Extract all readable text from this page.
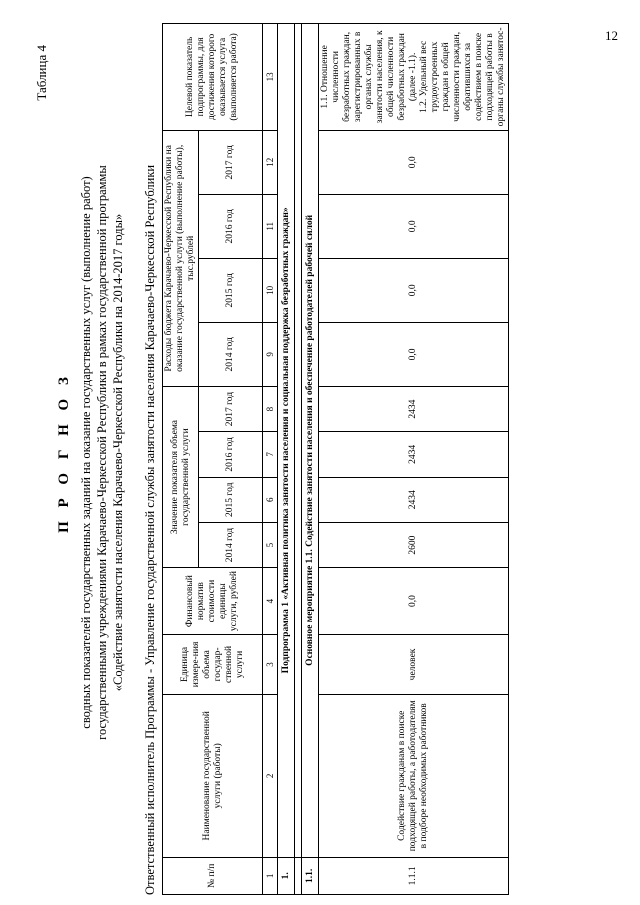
12
Таблица 4
П Р О Г Н О З сводных показателей государственных заданий на оказание государственных услуг (выполнение работ) государственными учреждениями Карачаево-Черкесской Республики в рамках государственной программы «Содействие занятости населения Карачаево-Черкесской Республики на 2014-2017 годы» Ответственный исполнитель Программы - Управление государственной службы занятости населения Карачаево-Черкесской Республики	№ п/п	Наименование государственной услуги (работы)	Единица измере-ния объема государ-ственной услуги	Финансовый норматив стоимости единицы услуги, рублей	Значение показателя объема государственной услуги				Расходы бюджета Карачаево-Черкесской Республики на оказание государственной услуги (выполнение работы), тыс.рублей				Целевой показатель подпрограммы, для достижения которого оказывается услуга (выполняется работа)
				2014 год	2015 год	2016 год	2017 год	2014 год	2015 год	2016 год	2017 год	
1	2	3	4	5	6	7	8	9	10	11	12	13
1.	Подпрограмма 1 «Активная политика занятости населения и социальная поддержка безработных граждан»											

1.1.	Основное мероприятие 1.1. Содействие занятости населения и обеспечение работодателей рабочей силой											
1.1.1	Содействие гражданам в поиске подходящей работы, а работодателям в подборе необходимых работников	человек	0,0	2600	2434	2434	2434	0,0	0,0	0,0	0,0	1.1. Отношение численности безработных граждан, зарегистрированных в органах службы занятости населения, к общей численности безработных граждан (далее -1.1).
1.2. Удельный вес трудоустроенных граждан в общей численности граждан, обратившихся за содействием в поиске подходящей работы в органы службы занятос-
